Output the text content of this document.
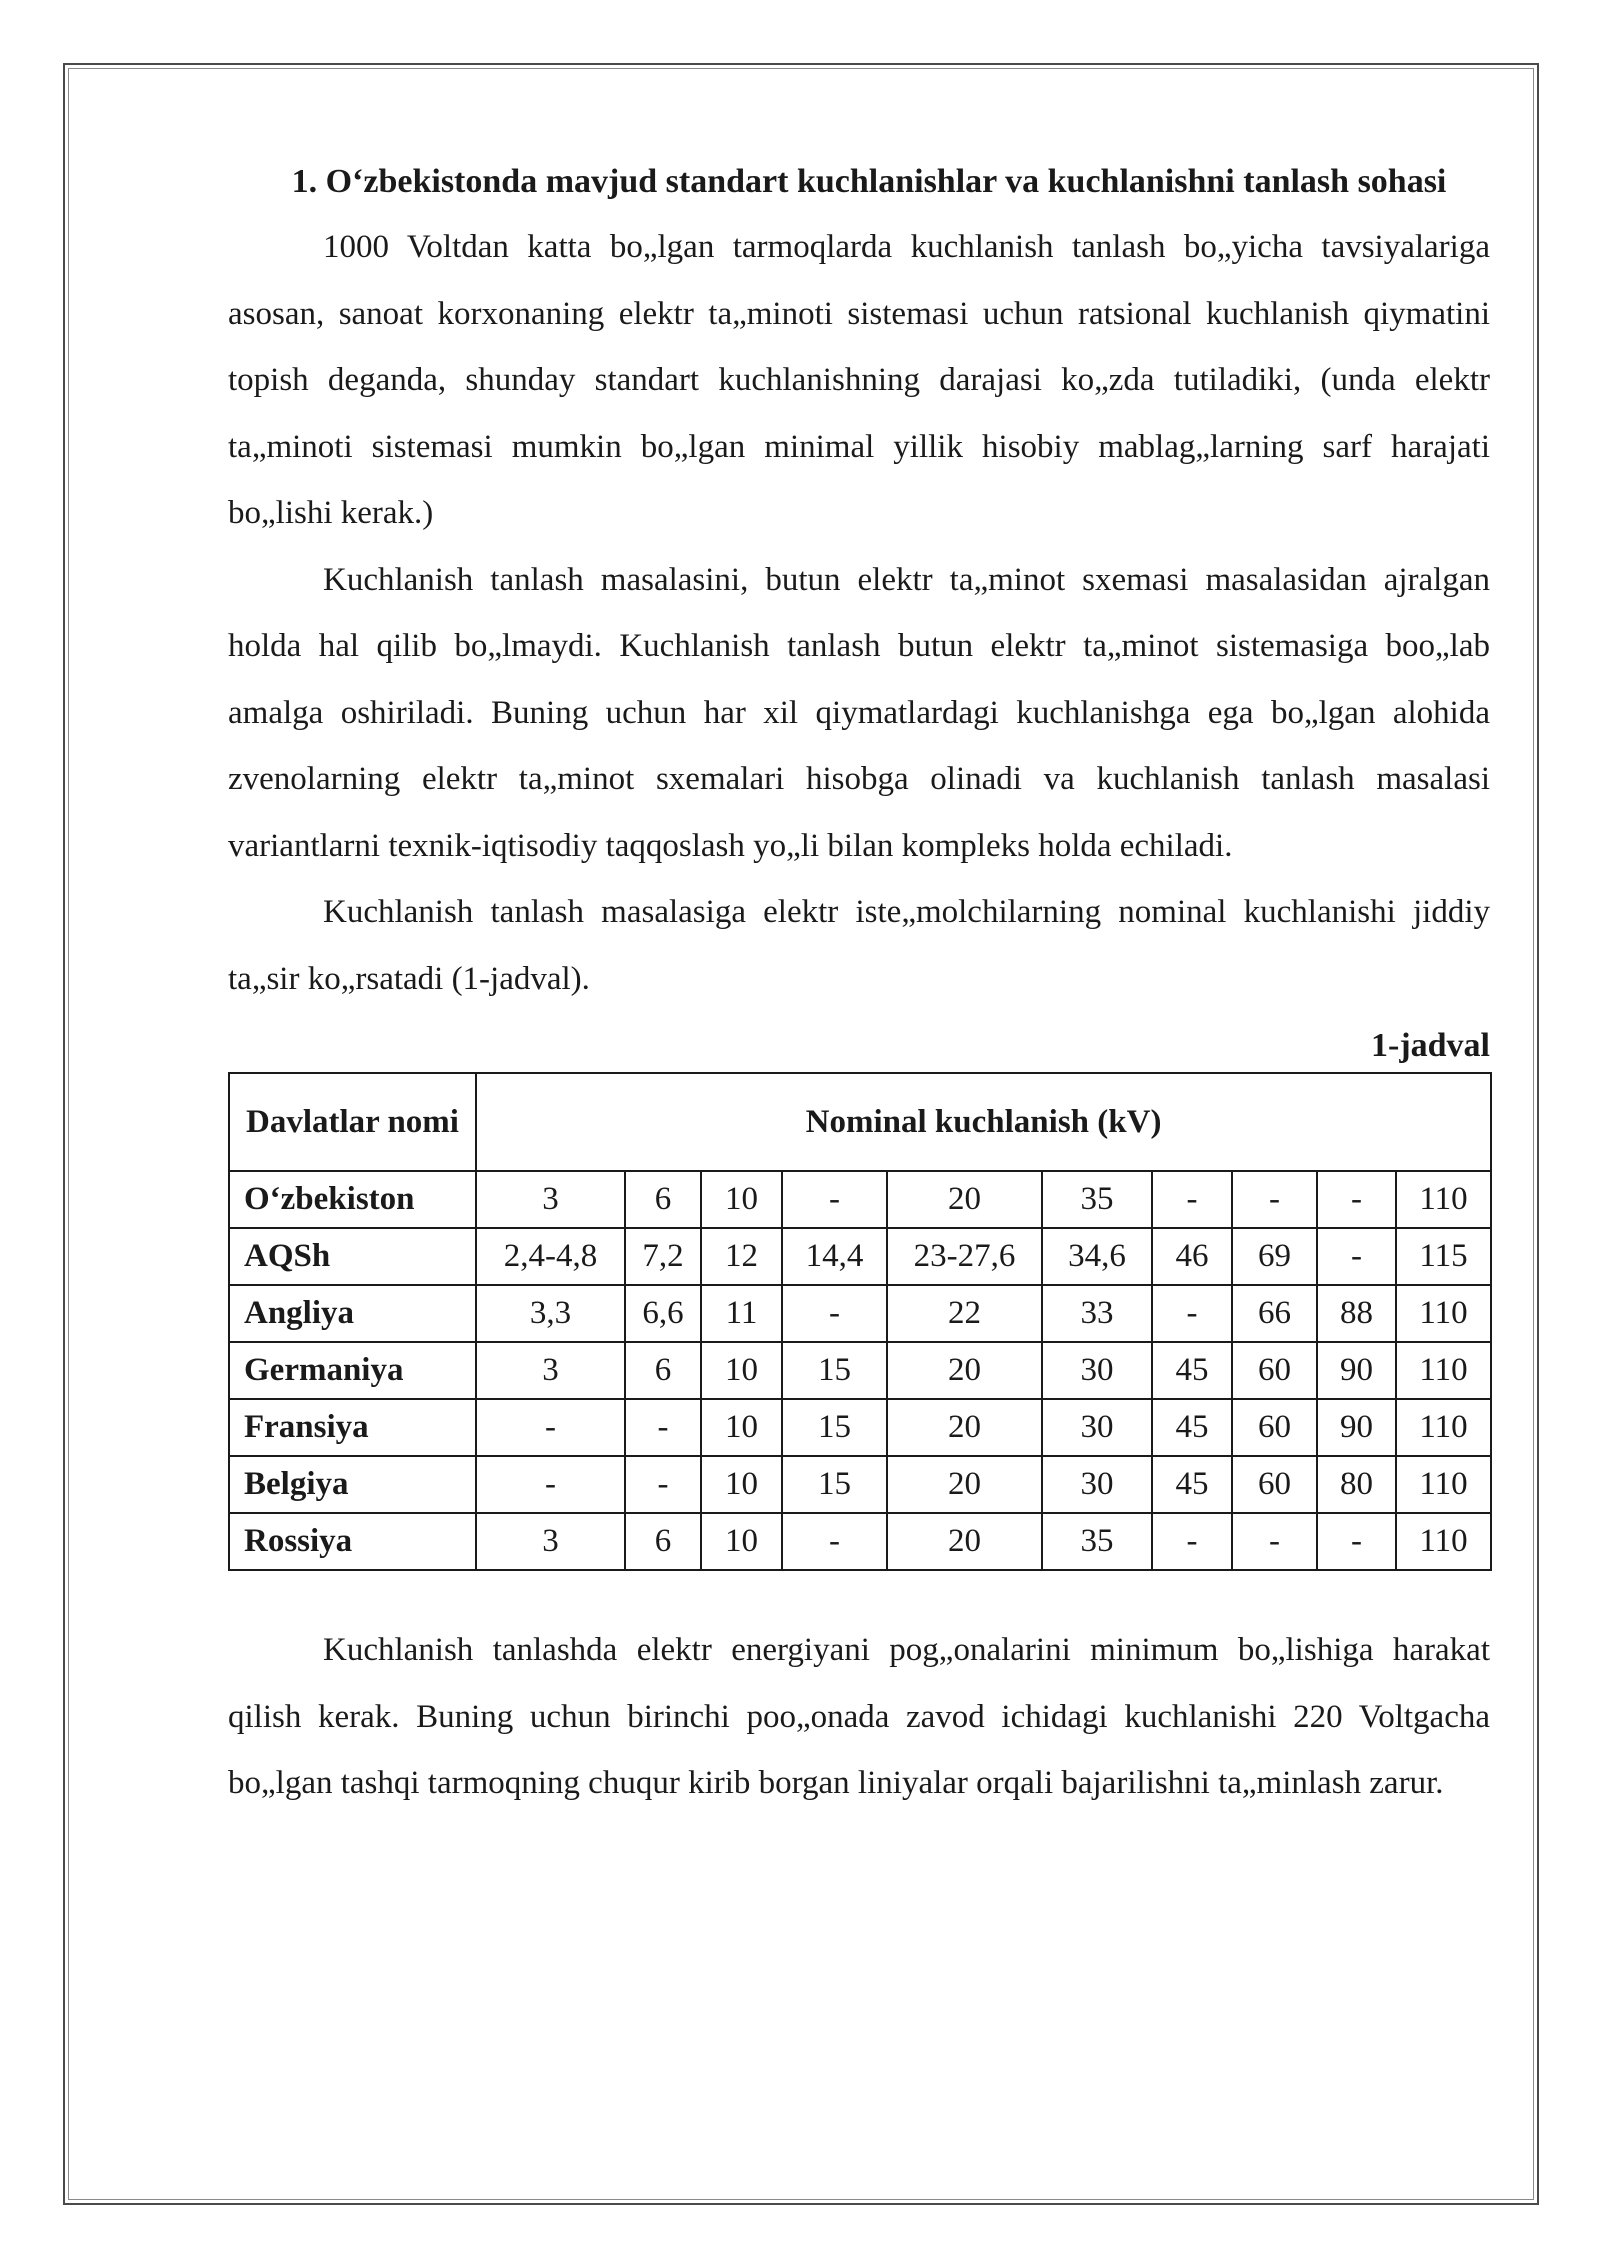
1. O‘zbekistonda mavjud standart kuchlanishlar va kuchlanishni tanlash sohasi

1000 Voltdan katta bo„lgan tarmoqlarda kuchlanish tanlash bo„yicha tavsiyalariga asosan, sanoat korxonaning elektr ta„minoti sistemasi uchun ratsional kuchlanish qiymatini topish deganda, shunday standart kuchlanishning darajasi ko„zda tutiladiki, (unda elektr ta„minoti sistemasi mumkin bo„lgan minimal yillik hisobiy mablag„larning sarf harajati bo„lishi kerak.)

Kuchlanish tanlash masalasini, butun elektr ta„minot sxemasi masalasidan ajralgan holda hal qilib bo„lmaydi. Kuchlanish tanlash butun elektr ta„minot sistemasiga boo„lab amalga oshiriladi. Buning uchun har xil qiymatlardagi kuchlanishga ega bo„lgan alohida zvenolarning elektr ta„minot sxemalari hisobga olinadi va kuchlanish tanlash masalasi variantlarni texnik-iqtisodiy taqqoslash yo„li bilan kompleks holda echiladi.

Kuchlanish tanlash masalasiga elektr iste„molchilarning nominal kuchlanishi jiddiy ta„sir ko„rsatadi (1-jadval).

1-jadval
Davlatlar nomi	Nominal kuchlanish (kV)									
O‘zbekiston	3	6	10	-	20	35	-	-	-	110
AQSh	2,4-4,8	7,2	12	14,4	23-27,6	34,6	46	69	-	115
Angliya	3,3	6,6	11	-	22	33	-	66	88	110
Germaniya	3	6	10	15	20	30	45	60	90	110
Fransiya	-	-	10	15	20	30	45	60	90	110
Belgiya	-	-	10	15	20	30	45	60	80	110
Rossiya	3	6	10	-	20	35	-	-	-	110

Kuchlanish tanlashda elektr energiyani pog„onalarini minimum bo„lishiga harakat qilish kerak. Buning uchun birinchi poo„onada zavod ichidagi kuchlanishi 220 Voltgacha bo„lgan tashqi tarmoqning chuqur kirib borgan liniyalar orqali bajarilishni ta„minlash zarur.
